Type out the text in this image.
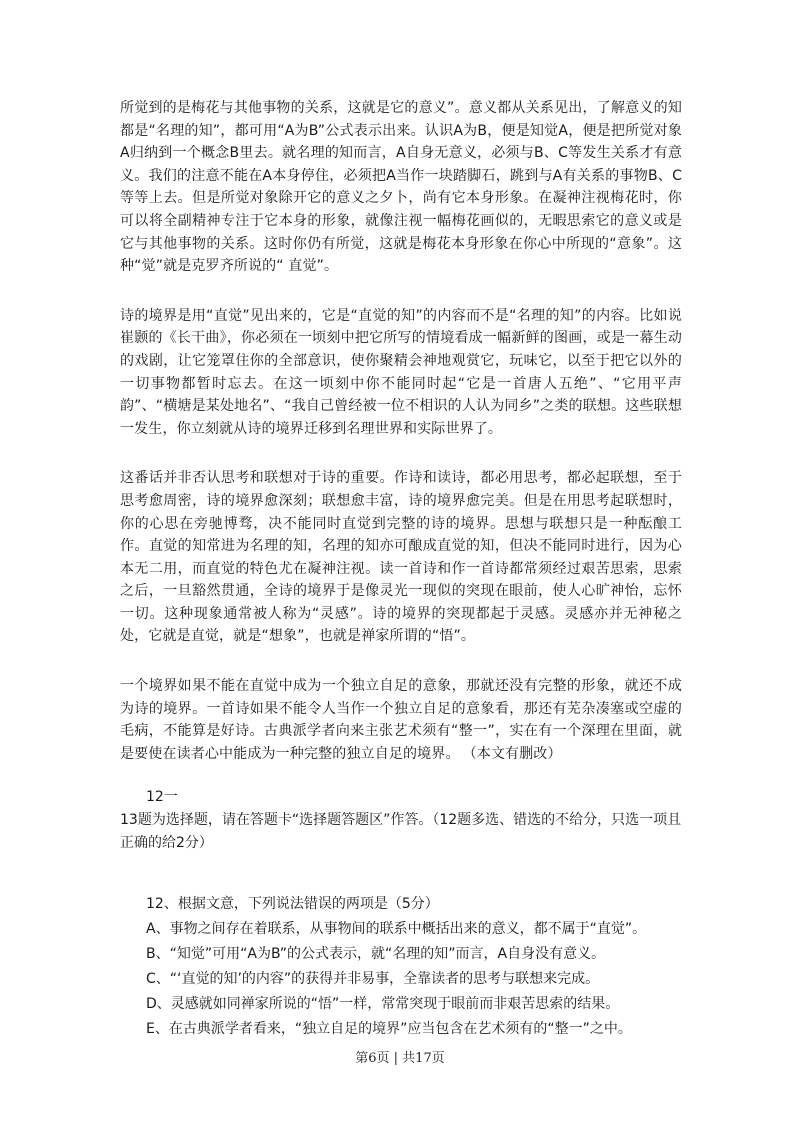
所觉到的是梅花与其他事物的关系，这就是它的意义”。意义都从关系见出，了解意义的知都是“名理的知”，都可用“A为B”公式表示出来。认识A为B，便是知觉A，便是把所觉对象A归纳到一个概念B里去。就名理的知而言，A自身无意义，必须与B、C等发生关系才有意义。我们的注意不能在A本身停住，必须把A当作一块踏脚石，跳到与A有关系的事物B、C等等上去。但是所觉对象除开它的意义之夕卜，尚有它本身形象。在凝神注视梅花时，你可以将全副精神专注于它本身的形象，就像注视一幅梅花画似的，无暇思索它的意义或是它与其他事物的关系。这时你仍有所觉，这就是梅花本身形象在你心中所现的“意象”。这种“觉”就是克罗齐所说的“ 直觉”。

诗的境界是用“直觉”见出来的，它是“直觉的知”的内容而不是“名理的知”的内容。比如说崔颢的《长干曲》，你必须在一顷刻中把它所写的情境看成一幅新鲜的图画，或是一幕生动的戏剧，让它笼罩住你的全部意识，使你聚精会神地观赏它，玩味它，以至于把它以外的一切事物都暂时忘去。在这一顷刻中你不能同时起“它是一首唐人五绝”、“它用平声韵”、“横塘是某处地名”、“我自己曾经被一位不相识的人认为同乡”之类的联想。这些联想一发生，你立刻就从诗的境界迁移到名理世界和实际世界了。

这番话并非否认思考和联想对于诗的重要。作诗和读诗，都必用思考，都必起联想，至于思考愈周密，诗的境界愈深刻；联想愈丰富，诗的境界愈完美。但是在用思考起联想时，你的心思在旁驰博骛，决不能同时直觉到完整的诗的境界。思想与联想只是一种酝酿工作。直觉的知常进为名理的知，名理的知亦可酿成直觉的知，但决不能同时进行，因为心本无二用，而直觉的特色尤在凝神注视。读一首诗和作一首诗都常须经过艰苦思索，思索之后，一旦豁然贯通，全诗的境界于是像灵光一现似的突现在眼前，使人心旷神怡，忘怀一切。这种现象通常被人称为“灵感”。诗的境界的突现都起于灵感。灵感亦并无神秘之处，它就是直觉，就是“想象”，也就是禅家所谓的“悟”。

一个境界如果不能在直觉中成为一个独立自足的意象，那就还没有完整的形象，就还不成为诗的境界。一首诗如果不能令人当作一个独立自足的意象看，那还有芜杂凑塞或空虚的毛病，不能算是好诗。古典派学者向来主张艺术须有“整一”，实在有一个深理在里面，就是要使在读者心中能成为一种完整的独立自足的境界。 （本文有删改）

12一
13题为选择题，请在答题卡“选择题答题区”作答。（12题多选、错选的不给分，只选一项且正确的给2分）

12、根据文意，下列说法错误的两项是（5分）

A、事物之间存在着联系，从事物间的联系中概括出来的意义，都不属于“直觉”。

B、“知觉”可用“A为B”的公式表示，就“名理的知”而言，A自身没有意义。

C、“‘直觉的知’的内容”的获得并非易事，全靠读者的思考与联想来完成。

D、灵感就如同禅家所说的“悟”一样，常常突现于眼前而非艰苦思索的结果。

E、在古典派学者看来，“独立自足的境界”应当包含在艺术须有的“整一”之中。

第6页 | 共17页
